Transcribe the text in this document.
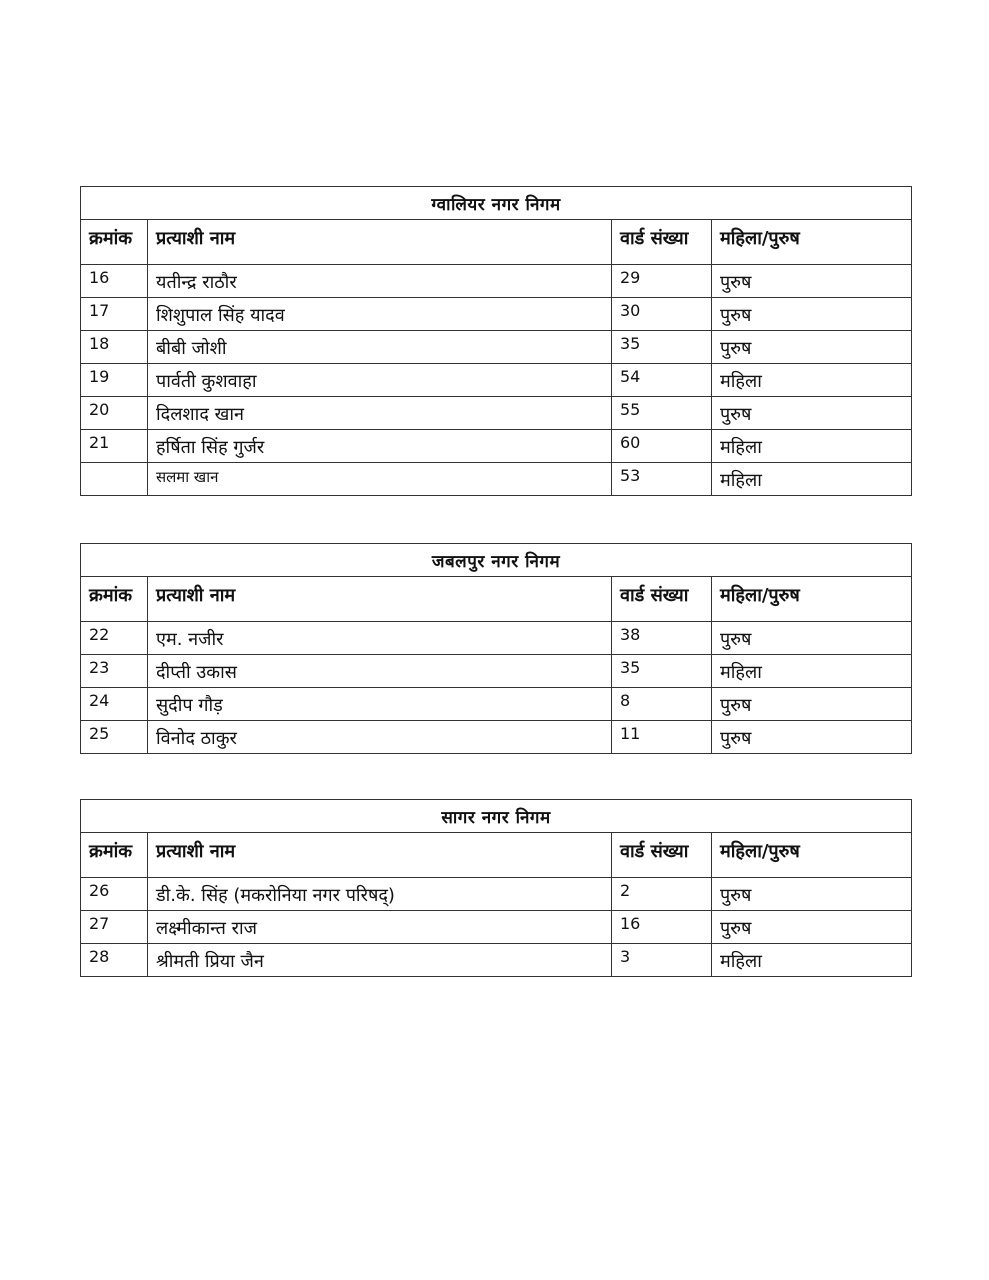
ग्वालियर नगर निगम			
क्रमांक	प्रत्याशी नाम	वार्ड संख्या	महिला/पुरुष
16	यतीन्द्र राठौर	29	पुरुष
17	शिशुपाल सिंह यादव	30	पुरुष
18	बीबी जोशी	35	पुरुष
19	पार्वती कुशवाहा	54	महिला
20	दिलशाद खान	55	पुरुष
21	हर्षिता सिंह गुर्जर	60	महिला
	सलमा खान	53	महिला
जबलपुर नगर निगम			
क्रमांक	प्रत्याशी नाम	वार्ड संख्या	महिला/पुरुष
22	एम. नजीर	38	पुरुष
23	दीप्ती उकास	35	महिला
24	सुदीप गौड़	8	पुरुष
25	विनोद ठाकुर	11	पुरुष
सागर नगर निगम			
क्रमांक	प्रत्याशी नाम	वार्ड संख्या	महिला/पुरुष
26	डी.के. सिंह (मकरोनिया नगर परिषद्)	2	पुरुष
27	लक्ष्मीकान्त राज	16	पुरुष
28	श्रीमती प्रिया जैन	3	महिला
